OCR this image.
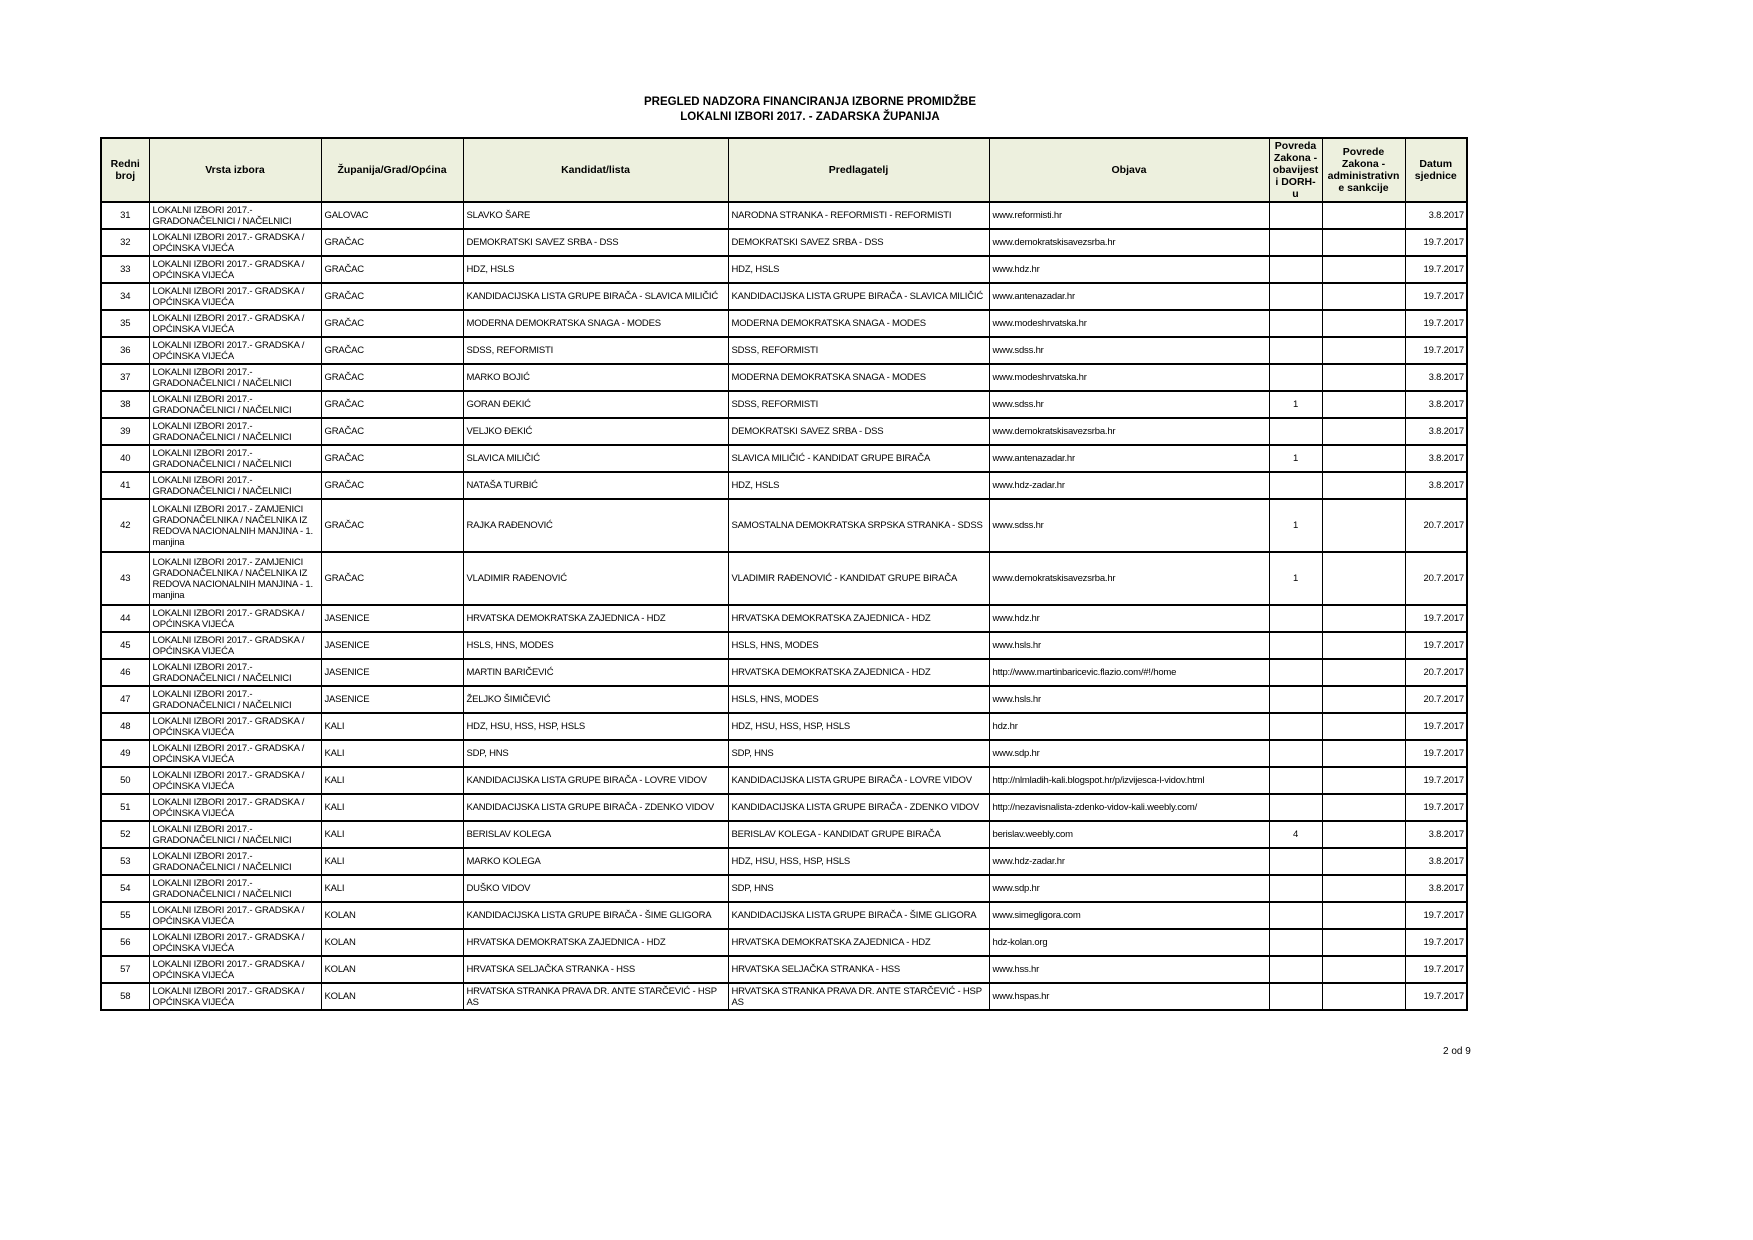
PREGLED NADZORA FINANCIRANJA IZBORNE PROMIDŽBE
LOKALNI IZBORI 2017. - ZADARSKA ŽUPANIJA
Redni broj	Vrsta izbora	Županija/Grad/Općina	Kandidat/lista	Predlagatelj	Objava	Povreda Zakona - obavijesti DORH-u	Povrede Zakona - administrativne sankcije	Datum sjednice
31	LOKALNI IZBORI 2017.- GRADONAČELNICI / NAČELNICI	GALOVAC	SLAVKO ŠARE	NARODNA STRANKA - REFORMISTI - REFORMISTI	www.reformisti.hr			3.8.2017
32	LOKALNI IZBORI 2017.- GRADSKA / OPĆINSKA VIJEĆA	GRAČAC	DEMOKRATSKI SAVEZ SRBA - DSS	DEMOKRATSKI SAVEZ SRBA - DSS	www.demokratskisavezsrba.hr			19.7.2017
33	LOKALNI IZBORI 2017.- GRADSKA / OPĆINSKA VIJEĆA	GRAČAC	HDZ, HSLS	HDZ, HSLS	www.hdz.hr			19.7.2017
34	LOKALNI IZBORI 2017.- GRADSKA / OPĆINSKA VIJEĆA	GRAČAC	KANDIDACIJSKA LISTA GRUPE BIRAČA - SLAVICA MILIČIĆ	KANDIDACIJSKA LISTA GRUPE BIRAČA - SLAVICA MILIČIĆ	www.antenazadar.hr			19.7.2017
35	LOKALNI IZBORI 2017.- GRADSKA / OPĆINSKA VIJEĆA	GRAČAC	MODERNA DEMOKRATSKA SNAGA - MODES	MODERNA DEMOKRATSKA SNAGA - MODES	www.modeshrvatska.hr			19.7.2017
36	LOKALNI IZBORI 2017.- GRADSKA / OPĆINSKA VIJEĆA	GRAČAC	SDSS, REFORMISTI	SDSS, REFORMISTI	www.sdss.hr			19.7.2017
37	LOKALNI IZBORI 2017.- GRADONAČELNICI / NAČELNICI	GRAČAC	MARKO BOJIĆ	MODERNA DEMOKRATSKA SNAGA - MODES	www.modeshrvatska.hr			3.8.2017
38	LOKALNI IZBORI 2017.- GRADONAČELNICI / NAČELNICI	GRAČAC	GORAN ĐEKIĆ	SDSS, REFORMISTI	www.sdss.hr	1		3.8.2017
39	LOKALNI IZBORI 2017.- GRADONAČELNICI / NAČELNICI	GRAČAC	VELJKO ĐEKIĆ	DEMOKRATSKI SAVEZ SRBA - DSS	www.demokratskisavezsrba.hr			3.8.2017
40	LOKALNI IZBORI 2017.- GRADONAČELNICI / NAČELNICI	GRAČAC	SLAVICA MILIČIĆ	SLAVICA MILIČIĆ - KANDIDAT GRUPE BIRAČA	www.antenazadar.hr	1		3.8.2017
41	LOKALNI IZBORI 2017.- GRADONAČELNICI / NAČELNICI	GRAČAC	NATAŠA TURBIĆ	HDZ, HSLS	www.hdz-zadar.hr			3.8.2017
42	LOKALNI IZBORI 2017.- ZAMJENICI GRADONAČELNIKA / NAČELNIKA IZ REDOVA NACIONALNIH MANJINA - 1. manjina	GRAČAC	RAJKA RAĐENOVIĆ	SAMOSTALNA DEMOKRATSKA SRPSKA STRANKA - SDSS	www.sdss.hr	1		20.7.2017
43	LOKALNI IZBORI 2017.- ZAMJENICI GRADONAČELNIKA / NAČELNIKA IZ REDOVA NACIONALNIH MANJINA - 1. manjina	GRAČAC	VLADIMIR RAĐENOVIĆ	VLADIMIR RAĐENOVIĆ - KANDIDAT GRUPE BIRAČA	www.demokratskisavezsrba.hr	1		20.7.2017
44	LOKALNI IZBORI 2017.- GRADSKA / OPĆINSKA VIJEĆA	JASENICE	HRVATSKA DEMOKRATSKA ZAJEDNICA - HDZ	HRVATSKA DEMOKRATSKA ZAJEDNICA - HDZ	www.hdz.hr			19.7.2017
45	LOKALNI IZBORI 2017.- GRADSKA / OPĆINSKA VIJEĆA	JASENICE	HSLS, HNS, MODES	HSLS, HNS, MODES	www.hsls.hr			19.7.2017
46	LOKALNI IZBORI 2017.- GRADONAČELNICI / NAČELNICI	JASENICE	MARTIN BARIČEVIĆ	HRVATSKA DEMOKRATSKA ZAJEDNICA - HDZ	http://www.martinbaricevic.flazio.com/#!/home			20.7.2017
47	LOKALNI IZBORI 2017.- GRADONAČELNICI / NAČELNICI	JASENICE	ŽELJKO ŠIMIČEVIĆ	HSLS, HNS, MODES	www.hsls.hr			20.7.2017
48	LOKALNI IZBORI 2017.- GRADSKA / OPĆINSKA VIJEĆA	KALI	HDZ, HSU, HSS, HSP, HSLS	HDZ, HSU, HSS, HSP, HSLS	hdz.hr			19.7.2017
49	LOKALNI IZBORI 2017.- GRADSKA / OPĆINSKA VIJEĆA	KALI	SDP, HNS	SDP, HNS	www.sdp.hr			19.7.2017
50	LOKALNI IZBORI 2017.- GRADSKA / OPĆINSKA VIJEĆA	KALI	KANDIDACIJSKA LISTA GRUPE BIRAČA - LOVRE VIDOV	KANDIDACIJSKA LISTA GRUPE BIRAČA - LOVRE VIDOV	http://nlmladih-kali.blogspot.hr/p/izvijesca-l-vidov.html			19.7.2017
51	LOKALNI IZBORI 2017.- GRADSKA / OPĆINSKA VIJEĆA	KALI	KANDIDACIJSKA LISTA GRUPE BIRAČA - ZDENKO VIDOV	KANDIDACIJSKA LISTA GRUPE BIRAČA - ZDENKO VIDOV	http://nezavisnalista-zdenko-vidov-kali.weebly.com/			19.7.2017
52	LOKALNI IZBORI 2017.- GRADONAČELNICI / NAČELNICI	KALI	BERISLAV KOLEGA	BERISLAV KOLEGA - KANDIDAT GRUPE BIRAČA	berislav.weebly.com	4		3.8.2017
53	LOKALNI IZBORI 2017.- GRADONAČELNICI / NAČELNICI	KALI	MARKO KOLEGA	HDZ, HSU, HSS, HSP, HSLS	www.hdz-zadar.hr			3.8.2017
54	LOKALNI IZBORI 2017.- GRADONAČELNICI / NAČELNICI	KALI	DUŠKO VIDOV	SDP, HNS	www.sdp.hr			3.8.2017
55	LOKALNI IZBORI 2017.- GRADSKA / OPĆINSKA VIJEĆA	KOLAN	KANDIDACIJSKA LISTA GRUPE BIRAČA - ŠIME GLIGORA	KANDIDACIJSKA LISTA GRUPE BIRAČA - ŠIME GLIGORA	www.simegligora.com			19.7.2017
56	LOKALNI IZBORI 2017.- GRADSKA / OPĆINSKA VIJEĆA	KOLAN	HRVATSKA DEMOKRATSKA ZAJEDNICA - HDZ	HRVATSKA DEMOKRATSKA ZAJEDNICA - HDZ	hdz-kolan.org			19.7.2017
57	LOKALNI IZBORI 2017.- GRADSKA / OPĆINSKA VIJEĆA	KOLAN	HRVATSKA SELJAČKA STRANKA - HSS	HRVATSKA SELJAČKA STRANKA - HSS	www.hss.hr			19.7.2017
58	LOKALNI IZBORI 2017.- GRADSKA / OPĆINSKA VIJEĆA	KOLAN	HRVATSKA STRANKA PRAVA DR. ANTE STARČEVIĆ - HSP AS	HRVATSKA STRANKA PRAVA DR. ANTE STARČEVIĆ - HSP AS	www.hspas.hr			19.7.2017
2 od 9
